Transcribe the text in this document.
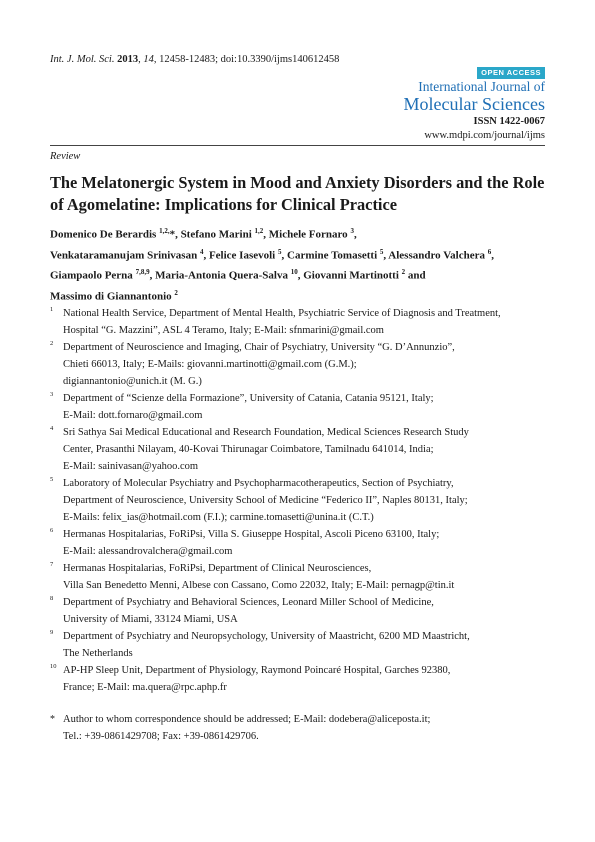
Int. J. Mol. Sci. 2013, 14, 12458-12483; doi:10.3390/ijms140612458
OPEN ACCESS
International Journal of
Molecular Sciences
ISSN 1422-0067
www.mdpi.com/journal/ijms
Review
The Melatonergic System in Mood and Anxiety Disorders and the Role of Agomelatine: Implications for Clinical Practice
Domenico De Berardis $^{1,2,}$*, Stefano Marini $^{1,2}$, Michele Fornaro $^3$,
Venkataramanujam Srinivasan $^4$, Felice Iasevoli $^5$, Carmine Tomasetti $^5$, Alessandro Valchera $^6$,
Giampaolo Perna $^{7,8,9}$, Maria-Antonia Quera-Salva $^{10}$, Giovanni Martinotti $^2$ and
Massimo di Giannantonio $^2$
1 National Health Service, Department of Mental Health, Psychiatric Service of Diagnosis and Treatment,
Hospital “G. Mazzini”, ASL 4 Teramo, Italy; E-Mail: sfnmarini@gmail.com
2 Department of Neuroscience and Imaging, Chair of Psychiatry, University “G. D’Annunzio”,
Chieti 66013, Italy; E-Mails: giovanni.martinotti@gmail.com (G.M.);
digiannantonio@unich.it (M. G.)
3 Department of “Scienze della Formazione”, University of Catania, Catania 95121, Italy;
E-Mail: dott.fornaro@gmail.com
4 Sri Sathya Sai Medical Educational and Research Foundation, Medical Sciences Research Study
Center, Prasanthi Nilayam, 40-Kovai Thirunagar Coimbatore, Tamilnadu 641014, India;
E-Mail: sainivasan@yahoo.com
5 Laboratory of Molecular Psychiatry and Psychopharmacotherapeutics, Section of Psychiatry,
Department of Neuroscience, University School of Medicine “Federico II”, Naples 80131, Italy;
E-Mails: felix_ias@hotmail.com (F.I.); carmine.tomasetti@unina.it (C.T.)
6 Hermanas Hospitalarias, FoRiPsi, Villa S. Giuseppe Hospital, Ascoli Piceno 63100, Italy;
E-Mail: alessandrovalchera@gmail.com
7 Hermanas Hospitalarias, FoRiPsi, Department of Clinical Neurosciences,
Villa San Benedetto Menni, Albese con Cassano, Como 22032, Italy; E-Mail: pernagp@tin.it
8 Department of Psychiatry and Behavioral Sciences, Leonard Miller School of Medicine,
University of Miami, 33124 Miami, USA
9 Department of Psychiatry and Neuropsychology, University of Maastricht, 6200 MD Maastricht,
The Netherlands
10 AP-HP Sleep Unit, Department of Physiology, Raymond Poincaré Hospital, Garches 92380,
France; E-Mail: ma.quera@rpc.aphp.fr
* Author to whom correspondence should be addressed; E-Mail: dodebera@aliceposta.it;
Tel.: +39-0861429708; Fax: +39-0861429706.
